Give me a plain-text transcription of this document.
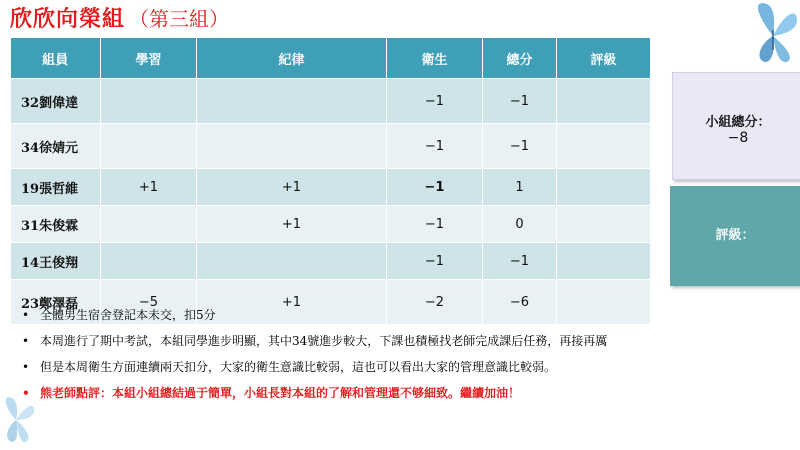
欣欣向榮組 （第三組）
組員	學習	紀律	衛生	總分	評級
32劉偉達			−1	−1	
34徐婧元			−1	−1	
19張哲維	+1	+1	−1	1	
31朱俊霖		+1	−1	0	
14王俊翔			−1	−1	
23鄭澤磊	−5	+1	−2	−6	
小組總分：
−8
評級：
• 全體男生宿舍登記本未交，扣5分
• 本周進行了期中考試，本組同學進步明顯，其中34號進步較大，下課也積極找老師完成課后任務，再接再厲
• 但是本周衛生方面連續兩天扣分，大家的衛生意識比較弱，這也可以看出大家的管理意識比較弱。
• 熊老師點評：本組小組總結過于簡單，小組長對本組的了解和管理還不够細致。繼續加油！
